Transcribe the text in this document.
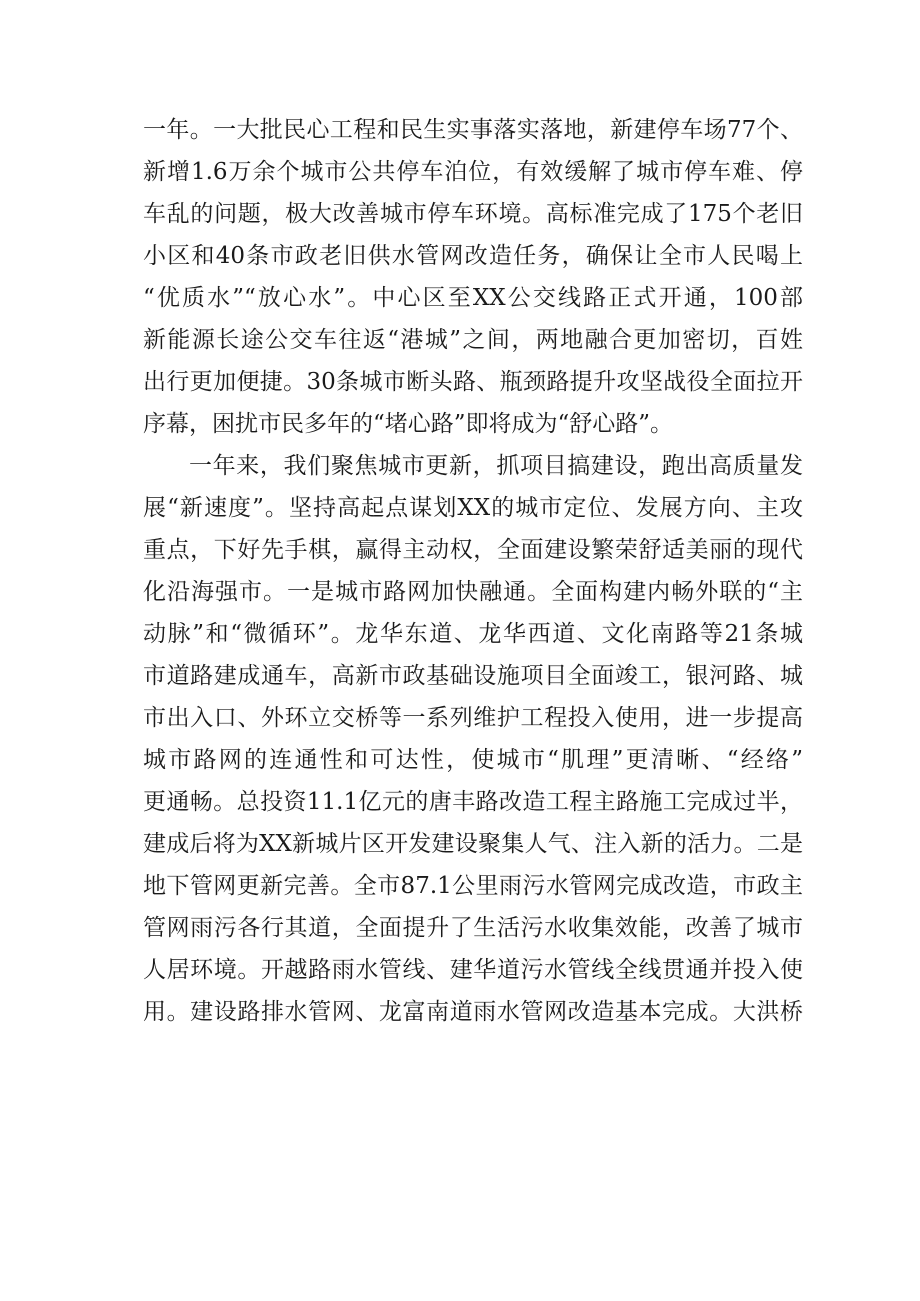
一年。一大批民心工程和民生实事落实落地，新建停车场77个、
新增1.6万余个城市公共停车泊位，有效缓解了城市停车难、停
车乱的问题，极大改善城市停车环境。高标准完成了175个老旧
小区和40条市政老旧供水管网改造任务，确保让全市人民喝上
“优质水”“放心水”。中心区至XX公交线路正式开通，100部
新能源长途公交车往返“港城”之间，两地融合更加密切，百姓
出行更加便捷。30条城市断头路、瓶颈路提升攻坚战役全面拉开
序幕，困扰市民多年的“堵心路”即将成为“舒心路”。
一年来，我们聚焦城市更新，抓项目搞建设，跑出高质量发
展“新速度”。坚持高起点谋划XX的城市定位、发展方向、主攻
重点，下好先手棋，赢得主动权，全面建设繁荣舒适美丽的现代
化沿海强市。一是城市路网加快融通。全面构建内畅外联的“主
动脉”和“微循环”。龙华东道、龙华西道、文化南路等21条城
市道路建成通车，高新市政基础设施项目全面竣工，银河路、城
市出入口、外环立交桥等一系列维护工程投入使用，进一步提高
城市路网的连通性和可达性，使城市“肌理”更清晰、“经络”
更通畅。总投资11.1亿元的唐丰路改造工程主路施工完成过半，
建成后将为XX新城片区开发建设聚集人气、注入新的活力。二是
地下管网更新完善。全市87.1公里雨污水管网完成改造，市政主
管网雨污各行其道，全面提升了生活污水收集效能，改善了城市
人居环境。开越路雨水管线、建华道污水管线全线贯通并投入使
用。建设路排水管网、龙富南道雨水管网改造基本完成。大洪桥
